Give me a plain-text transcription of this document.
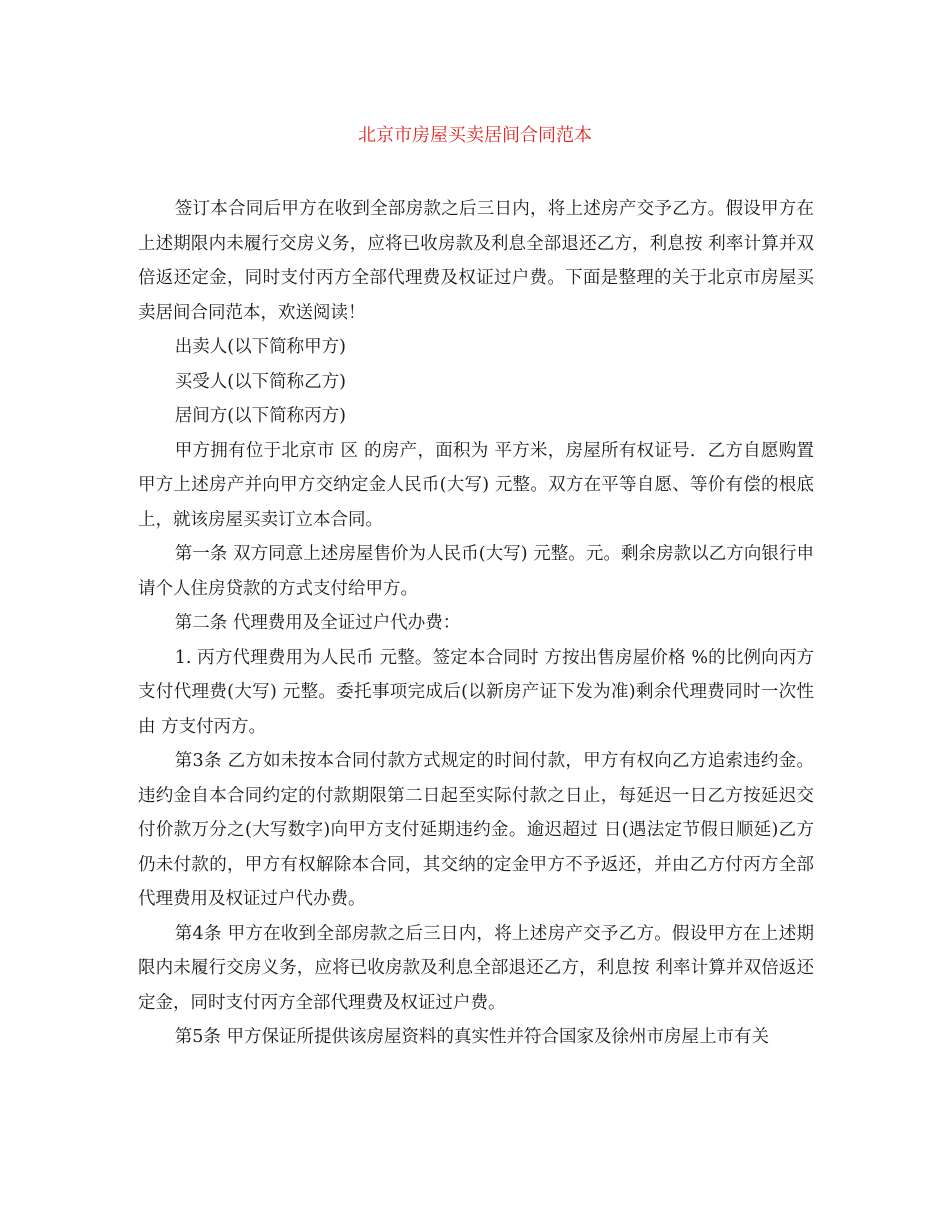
北京市房屋买卖居间合同范本

签订本合同后甲方在收到全部房款之后三日内，将上述房产交予乙方。假设甲方在上述期限内未履行交房义务，应将已收房款及利息全部退还乙方，利息按 利率计算并双倍返还定金，同时支付丙方全部代理费及权证过户费。下面是整理的关于北京市房屋买卖居间合同范本，欢送阅读！

出卖人(以下简称甲方)

买受人(以下简称乙方)

居间方(以下简称丙方)

甲方拥有位于北京市 区 的房产，面积为 平方米，房屋所有权证号．乙方自愿购置甲方上述房产并向甲方交纳定金人民币(大写) 元整。双方在平等自愿、等价有偿的根底上，就该房屋买卖订立本合同。

第一条 双方同意上述房屋售价为人民币(大写) 元整。元。剩余房款以乙方向银行申请个人住房贷款的方式支付给甲方。

第二条 代理费用及全证过户代办费：

1. 丙方代理费用为人民币 元整。签定本合同时 方按出售房屋价格 %的比例向丙方支付代理费(大写) 元整。委托事项完成后(以新房产证下发为准)剩余代理费同时一次性由 方支付丙方。

第3条 乙方如未按本合同付款方式规定的时间付款，甲方有权向乙方追索违约金。违约金自本合同约定的付款期限第二日起至实际付款之日止，每延迟一日乙方按延迟交付价款万分之(大写数字)向甲方支付延期违约金。逾迟超过 日(遇法定节假日顺延)乙方仍未付款的，甲方有权解除本合同，其交纳的定金甲方不予返还，并由乙方付丙方全部代理费用及权证过户代办费。

第4条 甲方在收到全部房款之后三日内，将上述房产交予乙方。假设甲方在上述期限内未履行交房义务，应将已收房款及利息全部退还乙方，利息按 利率计算并双倍返还定金，同时支付丙方全部代理费及权证过户费。

第5条 甲方保证所提供该房屋资料的真实性并符合国家及徐州市房屋上市有关
